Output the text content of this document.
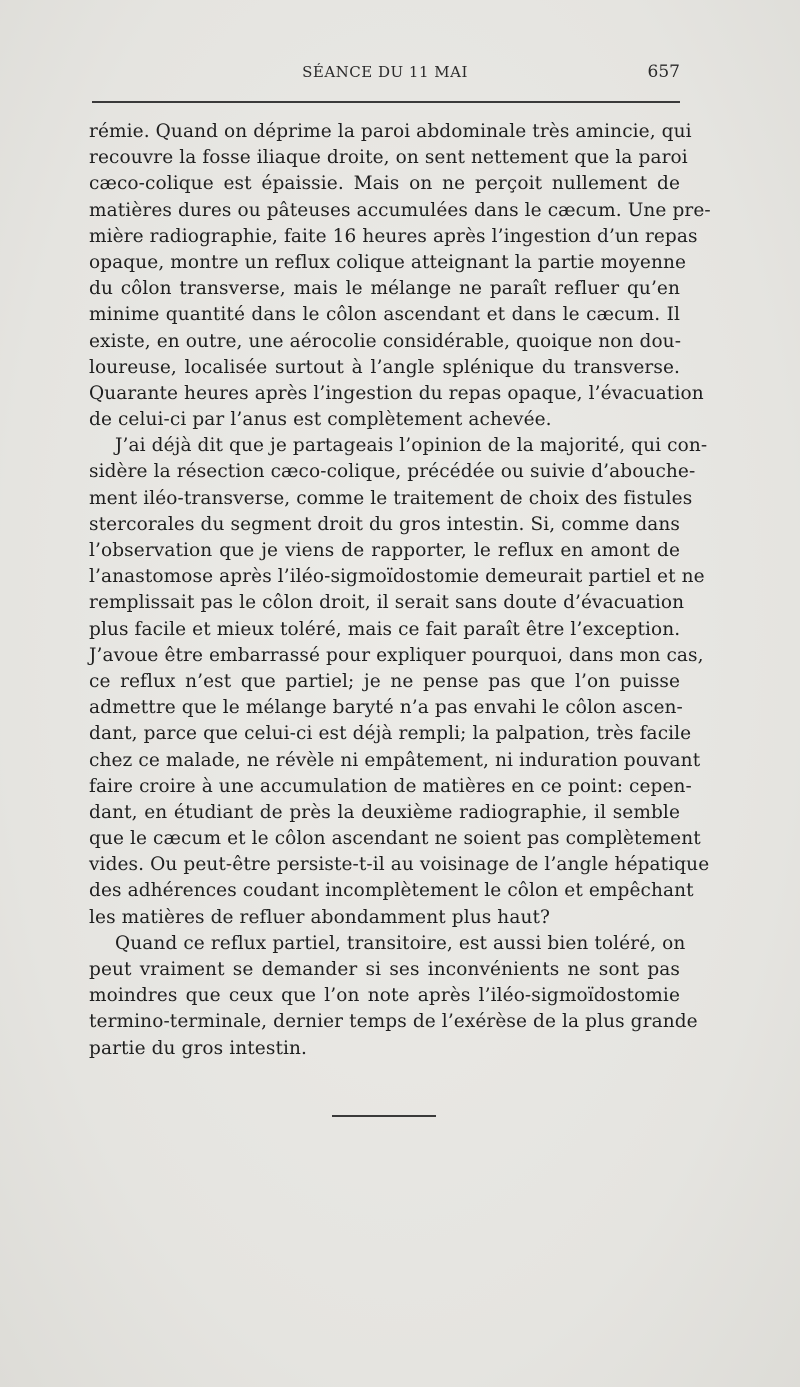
SÉANCE DU 11 MAI	657
rémie. Quand on déprime la paroi abdominale très amincie, qui
recouvre la fosse iliaque droite, on sent nettement que la paroi
cæco-colique est épaissie. Mais on ne perçoit nullement de
matières dures ou pâteuses accumulées dans le cæcum. Une pre-
mière radiographie, faite 16 heures après l’ingestion d’un repas
opaque, montre un reflux colique atteignant la partie moyenne
du côlon transverse, mais le mélange ne paraît refluer qu’en
minime quantité dans le côlon ascendant et dans le cæcum. Il
existe, en outre, une aérocolie considérable, quoique non dou-
loureuse, localisée surtout à l’angle splénique du transverse.
Quarante heures après l’ingestion du repas opaque, l’évacuation
de celui-ci par l’anus est complètement achevée.
J’ai déjà dit que je partageais l’opinion de la majorité, qui con-
sidère la résection cæco-colique, précédée ou suivie d’abouche-
ment iléo-transverse, comme le traitement de choix des fistules
stercorales du segment droit du gros intestin. Si, comme dans
l’observation que je viens de rapporter, le reflux en amont de
l’anastomose après l’iléo-sigmoïdostomie demeurait partiel et ne
remplissait pas le côlon droit, il serait sans doute d’évacuation
plus facile et mieux toléré, mais ce fait paraît être l’exception.
J’avoue être embarrassé pour expliquer pourquoi, dans mon cas,
ce reflux n’est que partiel; je ne pense pas que l’on puisse
admettre que le mélange baryté n’a pas envahi le côlon ascen-
dant, parce que celui-ci est déjà rempli; la palpation, très facile
chez ce malade, ne révèle ni empâtement, ni induration pouvant
faire croire à une accumulation de matières en ce point: cepen-
dant, en étudiant de près la deuxième radiographie, il semble
que le cæcum et le côlon ascendant ne soient pas complètement
vides. Ou peut-être persiste-t-il au voisinage de l’angle hépatique
des adhérences coudant incomplètement le côlon et empêchant
les matières de refluer abondamment plus haut?
Quand ce reflux partiel, transitoire, est aussi bien toléré, on
peut vraiment se demander si ses inconvénients ne sont pas
moindres que ceux que l’on note après l’iléo-sigmoïdostomie
termino-terminale, dernier temps de l’exérèse de la plus grande
partie du gros intestin.
